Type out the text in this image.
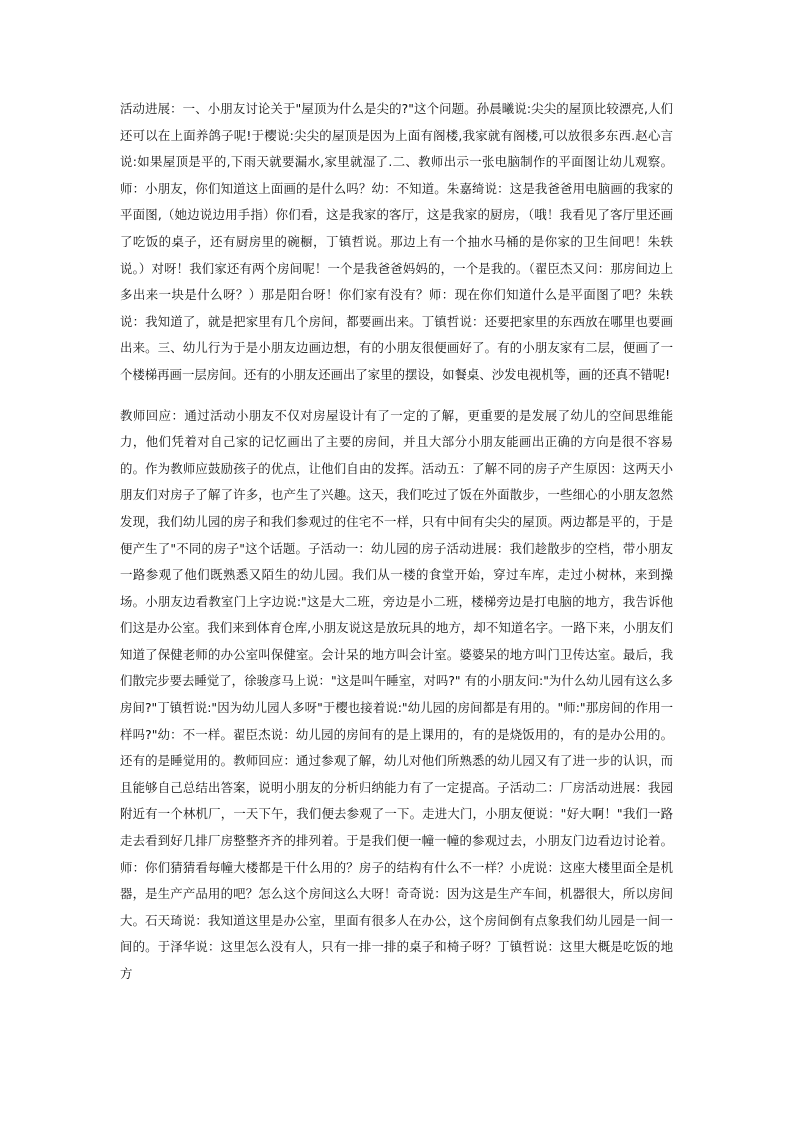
活动进展：一、小朋友讨论关于"屋顶为什么是尖的?"这个问题。孙晨曦说:尖尖的屋顶比较漂亮,人们还可以在上面养鸽子呢!于樱说:尖尖的屋顶是因为上面有阁楼,我家就有阁楼,可以放很多东西.赵心言说:如果屋顶是平的,下雨天就要漏水,家里就湿了.二、教师出示一张电脑制作的平面图让幼儿观察。师：小朋友，你们知道这上面画的是什么吗？幼：不知道。朱嘉绮说：这是我爸爸用电脑画的我家的平面图,（她边说边用手指）你们看，这是我家的客厅，这是我家的厨房，（哦！我看见了客厅里还画了吃饭的桌子，还有厨房里的碗橱，丁镇哲说。那边上有一个抽水马桶的是你家的卫生间吧！朱轶说。）对呀！我们家还有两个房间呢！一个是我爸爸妈妈的，一个是我的。（翟臣杰又问：那房间边上多出来一块是什么呀？）那是阳台呀！你们家有没有？师：现在你们知道什么是平面图了吧？朱轶说：我知道了，就是把家里有几个房间，都要画出来。丁镇哲说：还要把家里的东西放在哪里也要画出来。三、幼儿行为于是小朋友边画边想，有的小朋友很便画好了。有的小朋友家有二层，便画了一个楼梯再画一层房间。还有的小朋友还画出了家里的摆设，如餐桌、沙发电视机等，画的还真不错呢!

教师回应：通过活动小朋友不仅对房屋设计有了一定的了解，更重要的是发展了幼儿的空间思维能力，他们凭着对自己家的记忆画出了主要的房间，并且大部分小朋友能画出正确的方向是很不容易的。作为教师应鼓励孩子的优点，让他们自由的发挥。活动五：了解不同的房子产生原因：这两天小朋友们对房子了解了许多，也产生了兴趣。这天，我们吃过了饭在外面散步，一些细心的小朋友忽然发现，我们幼儿园的房子和我们参观过的住宅不一样，只有中间有尖尖的屋顶。两边都是平的，于是便产生了"不同的房子"这个话题。子活动一：幼儿园的房子活动进展：我们趁散步的空档，带小朋友一路参观了他们既熟悉又陌生的幼儿园。我们从一楼的食堂开始，穿过车库，走过小树林，来到操场。小朋友边看教室门上字边说:"这是大二班，旁边是小二班，楼梯旁边是打电脑的地方，我告诉他们这是办公室。我们来到体育仓库,小朋友说这是放玩具的地方，却不知道名字。一路下来，小朋友们知道了保健老师的办公室叫保健室。会计呆的地方叫会计室。婆婆呆的地方叫门卫传达室。最后，我们散完步要去睡觉了，徐骏彦马上说："这是叫午睡室，对吗?" 有的小朋友问:"为什么幼儿园有这么多房间?"丁镇哲说:"因为幼儿园人多呀"于樱也接着说:"幼儿园的房间都是有用的。"师:"那房间的作用一样吗?"幼：不一样。翟臣杰说：幼儿园的房间有的是上课用的，有的是烧饭用的，有的是办公用的。还有的是睡觉用的。教师回应：通过参观了解，幼儿对他们所熟悉的幼儿园又有了进一步的认识，而且能够自己总结出答案，说明小朋友的分析归纳能力有了一定提高。子活动二：厂房活动进展：我园附近有一个林机厂，一天下午，我们便去参观了一下。走进大门，小朋友便说："好大啊！"我们一路走去看到好几排厂房整整齐齐的排列着。于是我们便一幢一幢的参观过去，小朋友门边看边讨论着。师：你们猜猜看每幢大楼都是干什么用的？房子的结构有什么不一样？小虎说：这座大楼里面全是机器，是生产产品用的吧？怎么这个房间这么大呀！奇奇说：因为这是生产车间，机器很大，所以房间大。石天琦说：我知道这里是办公室，里面有很多人在办公，这个房间倒有点象我们幼儿园是一间一间的。于泽华说：这里怎么没有人，只有一排一排的桌子和椅子呀？丁镇哲说：这里大概是吃饭的地方
